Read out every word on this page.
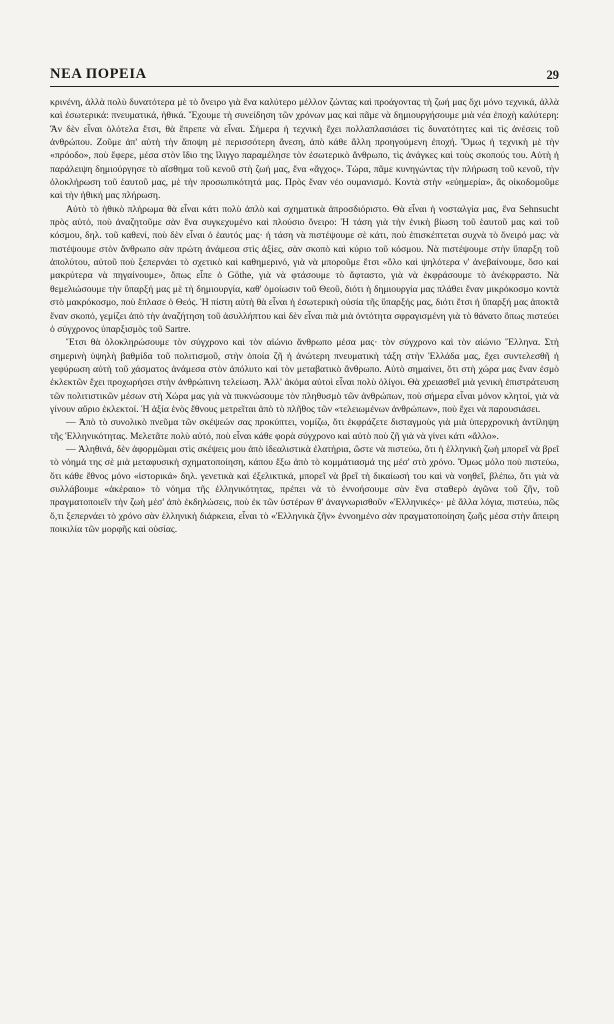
ΝΕΑ ΠΟΡΕΙΑ	29

κρινένη, ἀλλὰ πολὺ δυνατότερα μὲ τὸ ὄνειρο γιὰ ἕνα καλύτερο μέλλον ζώντας καὶ προάγοντας τὴ ζωή μας ὄχι μόνο τεχνικά, ἀλλὰ καὶ ἐσωτερικά: πνευματικά, ἠθικά. Ἔχουμε τὴ συνείδηση τῶν χρόνων μας καὶ πᾶμε νὰ δημιουργήσουμε μιὰ νέα ἐποχὴ καλύτερη: Ἂν δὲν εἶναι ὁλότελα ἔτσι, θὰ ἔπρεπε νὰ εἶναι. Σήμερα ἡ τεχνικὴ ἔχει πολλαπλασιάσει τὶς δυνατότητες καὶ τὶς ἀνέσεις τοῦ ἀνθρώπου. Ζοῦμε ἀπ' αὐτὴ τὴν ἄποψη μὲ περισσότερη ἄνεση, ἀπὸ κάθε ἄλλη προηγούμενη ἐποχή. Ὅμως ἡ τεχνικὴ μὲ τὴν «πρόοδο», ποὺ ἔφερε, μέσα στὸν ἴδιο της ἴλιγγο παραμέλησε τὸν ἐσωτερικὸ ἄνθρωπο, τὶς ἀνάγκες καὶ τοὺς σκοπούς του. Αὐτὴ ἡ παράλειψη δημιούργησε τὸ αἴσθημα τοῦ κενοῦ στὴ ζωή μας, ἕνα «ἄγχος». Τώρα, πᾶμε κυνηγώντας τὴν πλήρωση τοῦ κενοῦ, τὴν ὁλοκλήρωση τοῦ ἑαυτοῦ μας, μὲ τὴν προσωπικότητά μας. Πρὸς ἕναν νέο ουμανισμό. Κοντὰ στὴν «εὐημερία», ἂς οἰκοδομοῦμε καὶ τὴν ἠθική μας πλήρωση.

Αὐτὸ τὸ ἠθικὸ πλήρωμα θὰ εἶναι κάτι πολὺ ἁπλὸ καὶ σχηματικὰ ἀπροσδιόριστο. Θὰ εἶναι ἡ νοσταλγία μας, ἕνα Sehnsucht πρὸς αὐτό, ποὺ ἀναζητοῦμε σὰν ἕνα συγκεχυμένο καὶ πλούσιο ὄνειρο: Ἡ τάση γιὰ τὴν ἐνικὴ βίωση τοῦ ἑαυτοῦ μας καὶ τοῦ κόσμου, δηλ. τοῦ καθενί, ποὺ δὲν εἶναι ὁ ἑαυτός μας· ἡ τάση νὰ πιστέψουμε σὲ κάτι, ποὺ ἐπισκέπτεται συχνὰ τὸ ὄνειρό μας: νὰ πιστέψουμε στὸν ἄνθρωπο σὰν πρώτη ἀνάμεσα στὶς ἀξίες, σὰν σκοπὸ καὶ κύριο τοῦ κόσμου. Νὰ πιστέψουμε στὴν ὕπαρξη τοῦ ἀπολύτου, αὐτοῦ ποὺ ξεπερνάει τὸ σχετικὸ καὶ καθημερινό, γιὰ νὰ μποροῦμε ἔτσι «ὅλο καὶ ψηλότερα ν' ἀνεβαίνουμε, ὅσο καὶ μακρύτερα νὰ πηγαίνουμε», ὅπως εἶπε ὁ Göthe, γιὰ νὰ φτάσουμε τὸ ἄφταστο, γιὰ νὰ ἐκφράσουμε τὸ ἀνέκφραστο. Νὰ θεμελιώσουμε τὴν ὕπαρξή μας μὲ τὴ δημιουργία, καθ' ὁμοίωσιν τοῦ Θεοῦ, διότι ἡ δημιουργία μας πλάθει ἕναν μικρόκοσμο κοντὰ στὸ μακρόκοσμο, ποὺ ἔπλασε ὁ Θεός. Ἡ πίστη αὐτὴ θὰ εἶναι ἡ ἐσωτερικὴ οὐσία τῆς ὕπαρξής μας, διότι ἔτσι ἡ ὕπαρξή μας ἀποκτᾶ ἕναν σκοπό, γεμίζει ἀπὸ τὴν ἀναζήτηση τοῦ ἀσυλλήπτου καὶ δὲν εἶναι πιὰ μιὰ ὀντότητα σφραγισμένη γιὰ τὸ θάνατο ὅπως πιστεύει ὁ σύγχρονος ὑπαρξισμὸς τοῦ Sartre.

Ἔτσι θὰ ὁλοκληρώσουμε τὸν σύγχρονο καὶ τὸν αἰώνιο ἄνθρωπο μέσα μας· τὸν σύγχρονο καὶ τὸν αἰώνιο Ἕλληνα. Στὴ σημερινὴ ὑψηλὴ βαθμίδα τοῦ πολιτισμοῦ, στὴν ὁποία ζῆ ἡ ἀνώτερη πνευματικὴ τάξη στὴν Ἑλλάδα μας, ἔχει συντελεσθῆ ἡ γεφύρωση αὐτὴ τοῦ χάσματος ἀνάμεσα στὸν ἀπόλυτο καὶ τὸν μεταβατικὸ ἄνθρωπο. Αὐτὸ σημαίνει, ὅτι στὴ χώρα μας ἕναν ἐσμὸ ἐκλεκτῶν ἔχει προχωρήσει στὴν ἀνθρώπινη τελείωση. Ἀλλ' ἀκόμα αὐτοὶ εἶναι πολὺ ὀλίγοι. Θὰ χρειασθεῖ μιὰ γενικὴ ἐπιστράτευση τῶν πολιτιστικῶν μέσων στὴ Χώρα μας γιὰ νὰ πυκνώσουμε τὸν πληθυσμὸ τῶν ἀνθρώπων, ποὺ σήμερα εἶναι μόνον κλητοί, γιὰ νὰ γίνουν αὔριο ἐκλεκτοί. Ἡ ἀξία ἑνὸς ἔθνους μετρεῖται ἀπὸ τὸ πλῆθος τῶν «τελειωμένων ἀνθρώπων», ποὺ ἔχει νὰ παρουσιάσει.

— Ἀπὸ τὸ συνολικὸ πνεῦμα τῶν σκέψεών σας προκύπτει, νομίζω, ὅτι ἐκφράζετε δισταγμοὺς γιὰ μιὰ ὑπερχρονικὴ ἀντίληψη τῆς Ἑλληνικότητας. Μελετᾶτε πολὺ αὐτό, ποὺ εἶναι κάθε φορὰ σύγχρονο καὶ αὐτὸ ποὺ ζῆ γιὰ νὰ γίνει κάτι «ἄλλο».

— Ἀληθινά, δὲν ἀφορμῶμαι στὶς σκέψεις μου ἀπὸ ἰδεαλιστικὰ ἐλατήρια, ὥστε νὰ πιστεύω, ὅτι ἡ ἑλληνικὴ ζωὴ μπορεῖ νὰ βρεῖ τὸ νόημά της σὲ μιὰ μεταφυσικὴ σχηματοποίηση, κάπου ἔξω ἀπὸ τὸ κομμάτιασμά της μέσ' στὸ χρόνο. Ὅμως μόλο ποὺ πιστεύω, ὅτι κάθε ἔθνος μόνο «ἱστορικά» δηλ. γενετικὰ καὶ ἐξελικτικά, μπορεῖ νὰ βρεῖ τὴ δικαίωσή του καὶ νὰ νοηθεῖ, βλέπω, ὅτι γιὰ νὰ συλλάβουμε «ἀκέραιο» τὸ νόημα τῆς ἑλληνικότητας, πρέπει νὰ τὸ ἐννοήσουμε σὰν ἕνα σταθερὸ ἀγῶνα τοῦ ζῆν, τοῦ πραγματοποιεῖν τὴν ζωὴ μέσ' ἀπὸ ἐκδηλώσεις, ποὺ ἐκ τῶν ὑστέρων θ' ἀναγνωρισθοῦν «Ἑλληνικές»· μὲ ἄλλα λόγια, πιστεύω, πῶς ὅ,τι ξεπερνάει τὸ χρόνο σὰν ἑλληνικὴ διάρκεια, εἶναι τὸ «Ἑλληνικὰ ζῆν» ἐννοημένο σὰν πραγματοποίηση ζωῆς μέσα στὴν ἄπειρη ποικιλία τῶν μορφῆς καὶ οὐσίας.
